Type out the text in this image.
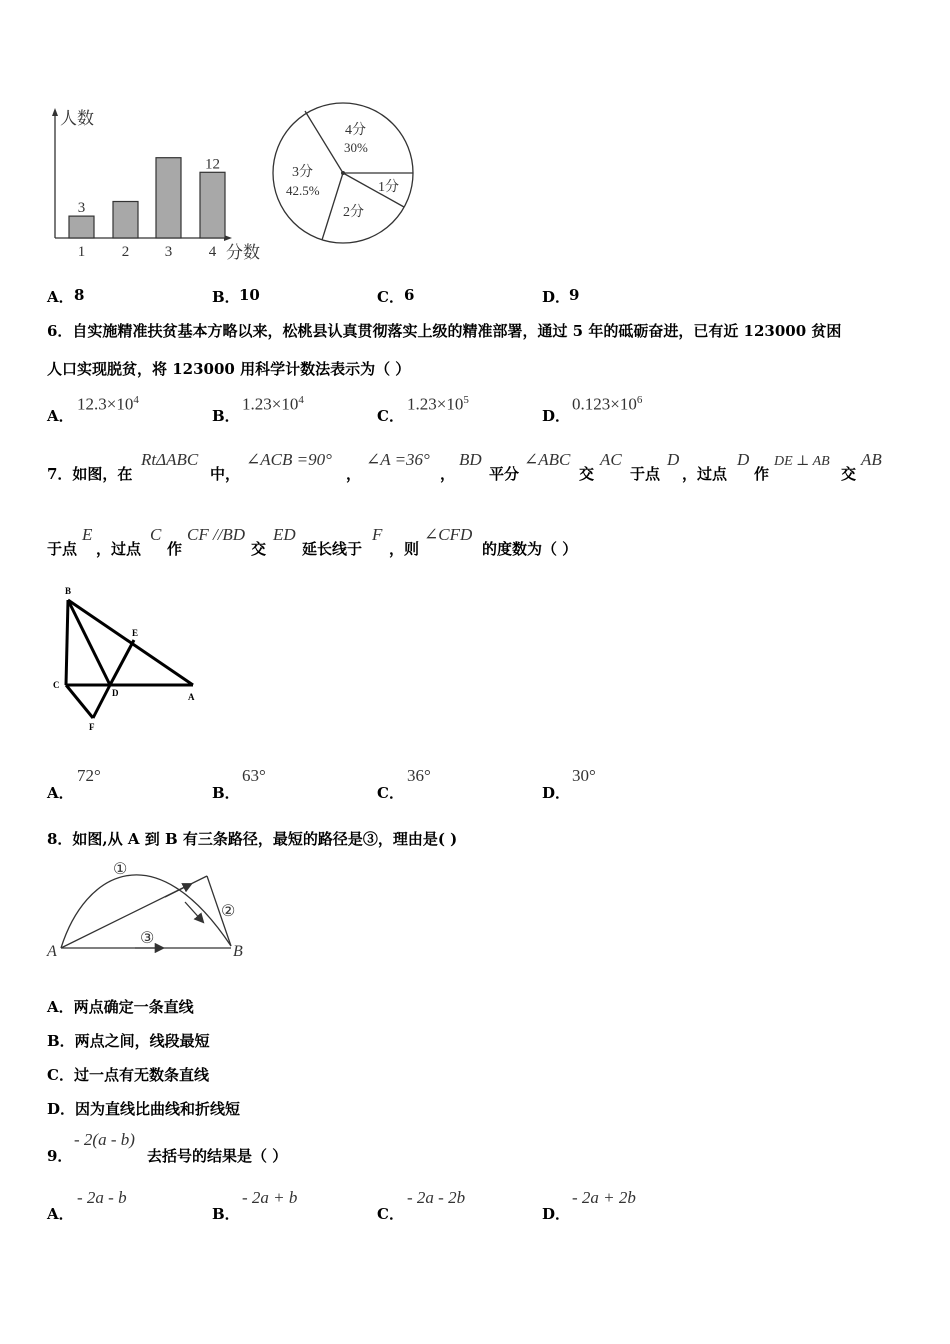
人数
分数
1
3
2 3 4
12
4分
30%
3分
42.5%	1分
2分
A． 8	B． 10	C． 6	D．
9
6．自实施精准扶贫基本方略以来，松桃县认真贯彻落实上级的精准部署，通过 5 年的砥砺奋进，已有近 123000 贫困
人口实现脱贫，将 123000 用科学计数法表示为（ ）
A．
$12.3\times 10^4$
B．
$1.23\times 10^4$
C．
$1.23\times 10^5$
D．
$0.123\times 10^6$
7．如图，在
RtΔABC
中，
∠ACB =90°
，
∠A =36°
，
BD
平分
∠ABC
交
AC
于点
D
，过点
D
作
DE ⊥ AB
交
AB
于点
E
，过点
C
作
CF //BD
交
ED
延长线于
F
，则
∠CFD
的度数为（ ）
B
E
C
D	A
F
A．
72°
B．
63°
C．
36°
D．
30°
8．如图,从 A 到 B 有三条路径，最短的路径是③，理由是( )
①
②
③
A	B
A．两点确定一条直线
B．两点之间，线段最短
C．过一点有无数条直线
D．因为直线比曲线和折线短
9．
- 2(a - b)
去括号的结果是（ ）
A．
- 2a - b
B．
- 2a + b
C．
- 2a - 2b
D．
- 2a + 2b
